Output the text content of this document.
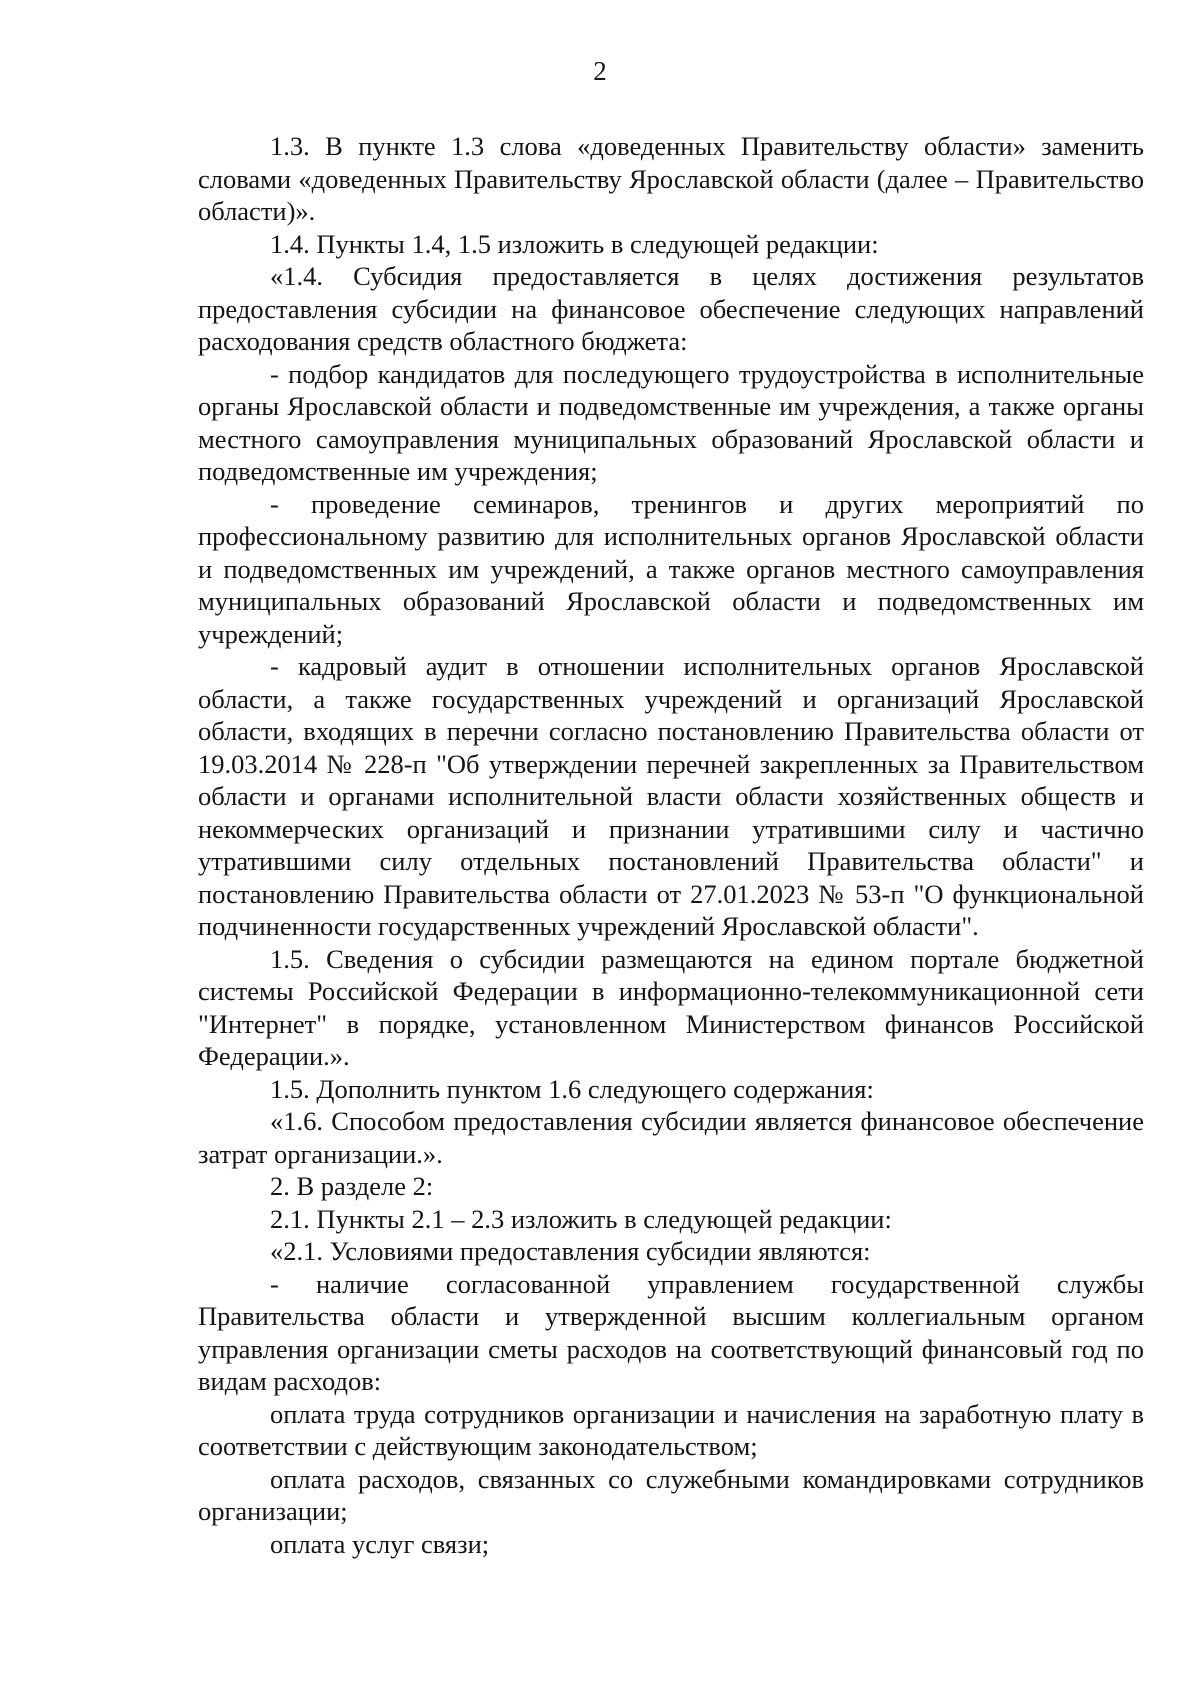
2

1.3. В пункте 1.3 слова «доведенных Правительству области» заменить словами «доведенных Правительству Ярославской области (далее – Правительство области)».

1.4. Пункты 1.4, 1.5 изложить в следующей редакции:

«1.4. Субсидия предоставляется в целях достижения результатов предоставления субсидии на финансовое обеспечение следующих направлений расходования средств областного бюджета:

- подбор кандидатов для последующего трудоустройства в исполнительные органы Ярославской области и подведомственные им учреждения, а также органы местного самоуправления муниципальных образований Ярославской области и подведомственные им учреждения;

- проведение семинаров, тренингов и других мероприятий по профессиональному развитию для исполнительных органов Ярославской области и подведомственных им учреждений, а также органов местного самоуправления муниципальных образований Ярославской области и подведомственных им учреждений;

- кадровый аудит в отношении исполнительных органов Ярославской области, а также государственных учреждений и организаций Ярославской области, входящих в перечни согласно постановлению Правительства области от 19.03.2014 № 228-п "Об утверждении перечней закрепленных за Правительством области и органами исполнительной власти области хозяйственных обществ и некоммерческих организаций и признании утратившими силу и частично утратившими силу отдельных постановлений Правительства области" и постановлению Правительства области от 27.01.2023 № 53-п "О функциональной подчиненности государственных учреждений Ярославской области".

1.5. Сведения о субсидии размещаются на едином портале бюджетной системы Российской Федерации в информационно-телекоммуникационной сети "Интернет" в порядке, установленном Министерством финансов Российской Федерации.».

1.5. Дополнить пунктом 1.6 следующего содержания:

«1.6. Способом предоставления субсидии является финансовое обеспечение затрат организации.».

2. В разделе 2:

2.1. Пункты 2.1 – 2.3 изложить в следующей редакции:

«2.1. Условиями предоставления субсидии являются:

- наличие согласованной управлением государственной службы Правительства области и утвержденной высшим коллегиальным органом управления организации сметы расходов на соответствующий финансовый год по видам расходов:

оплата труда сотрудников организации и начисления на заработную плату в соответствии с действующим законодательством;

оплата расходов, связанных со служебными командировками сотрудников организации;

оплата услуг связи;
